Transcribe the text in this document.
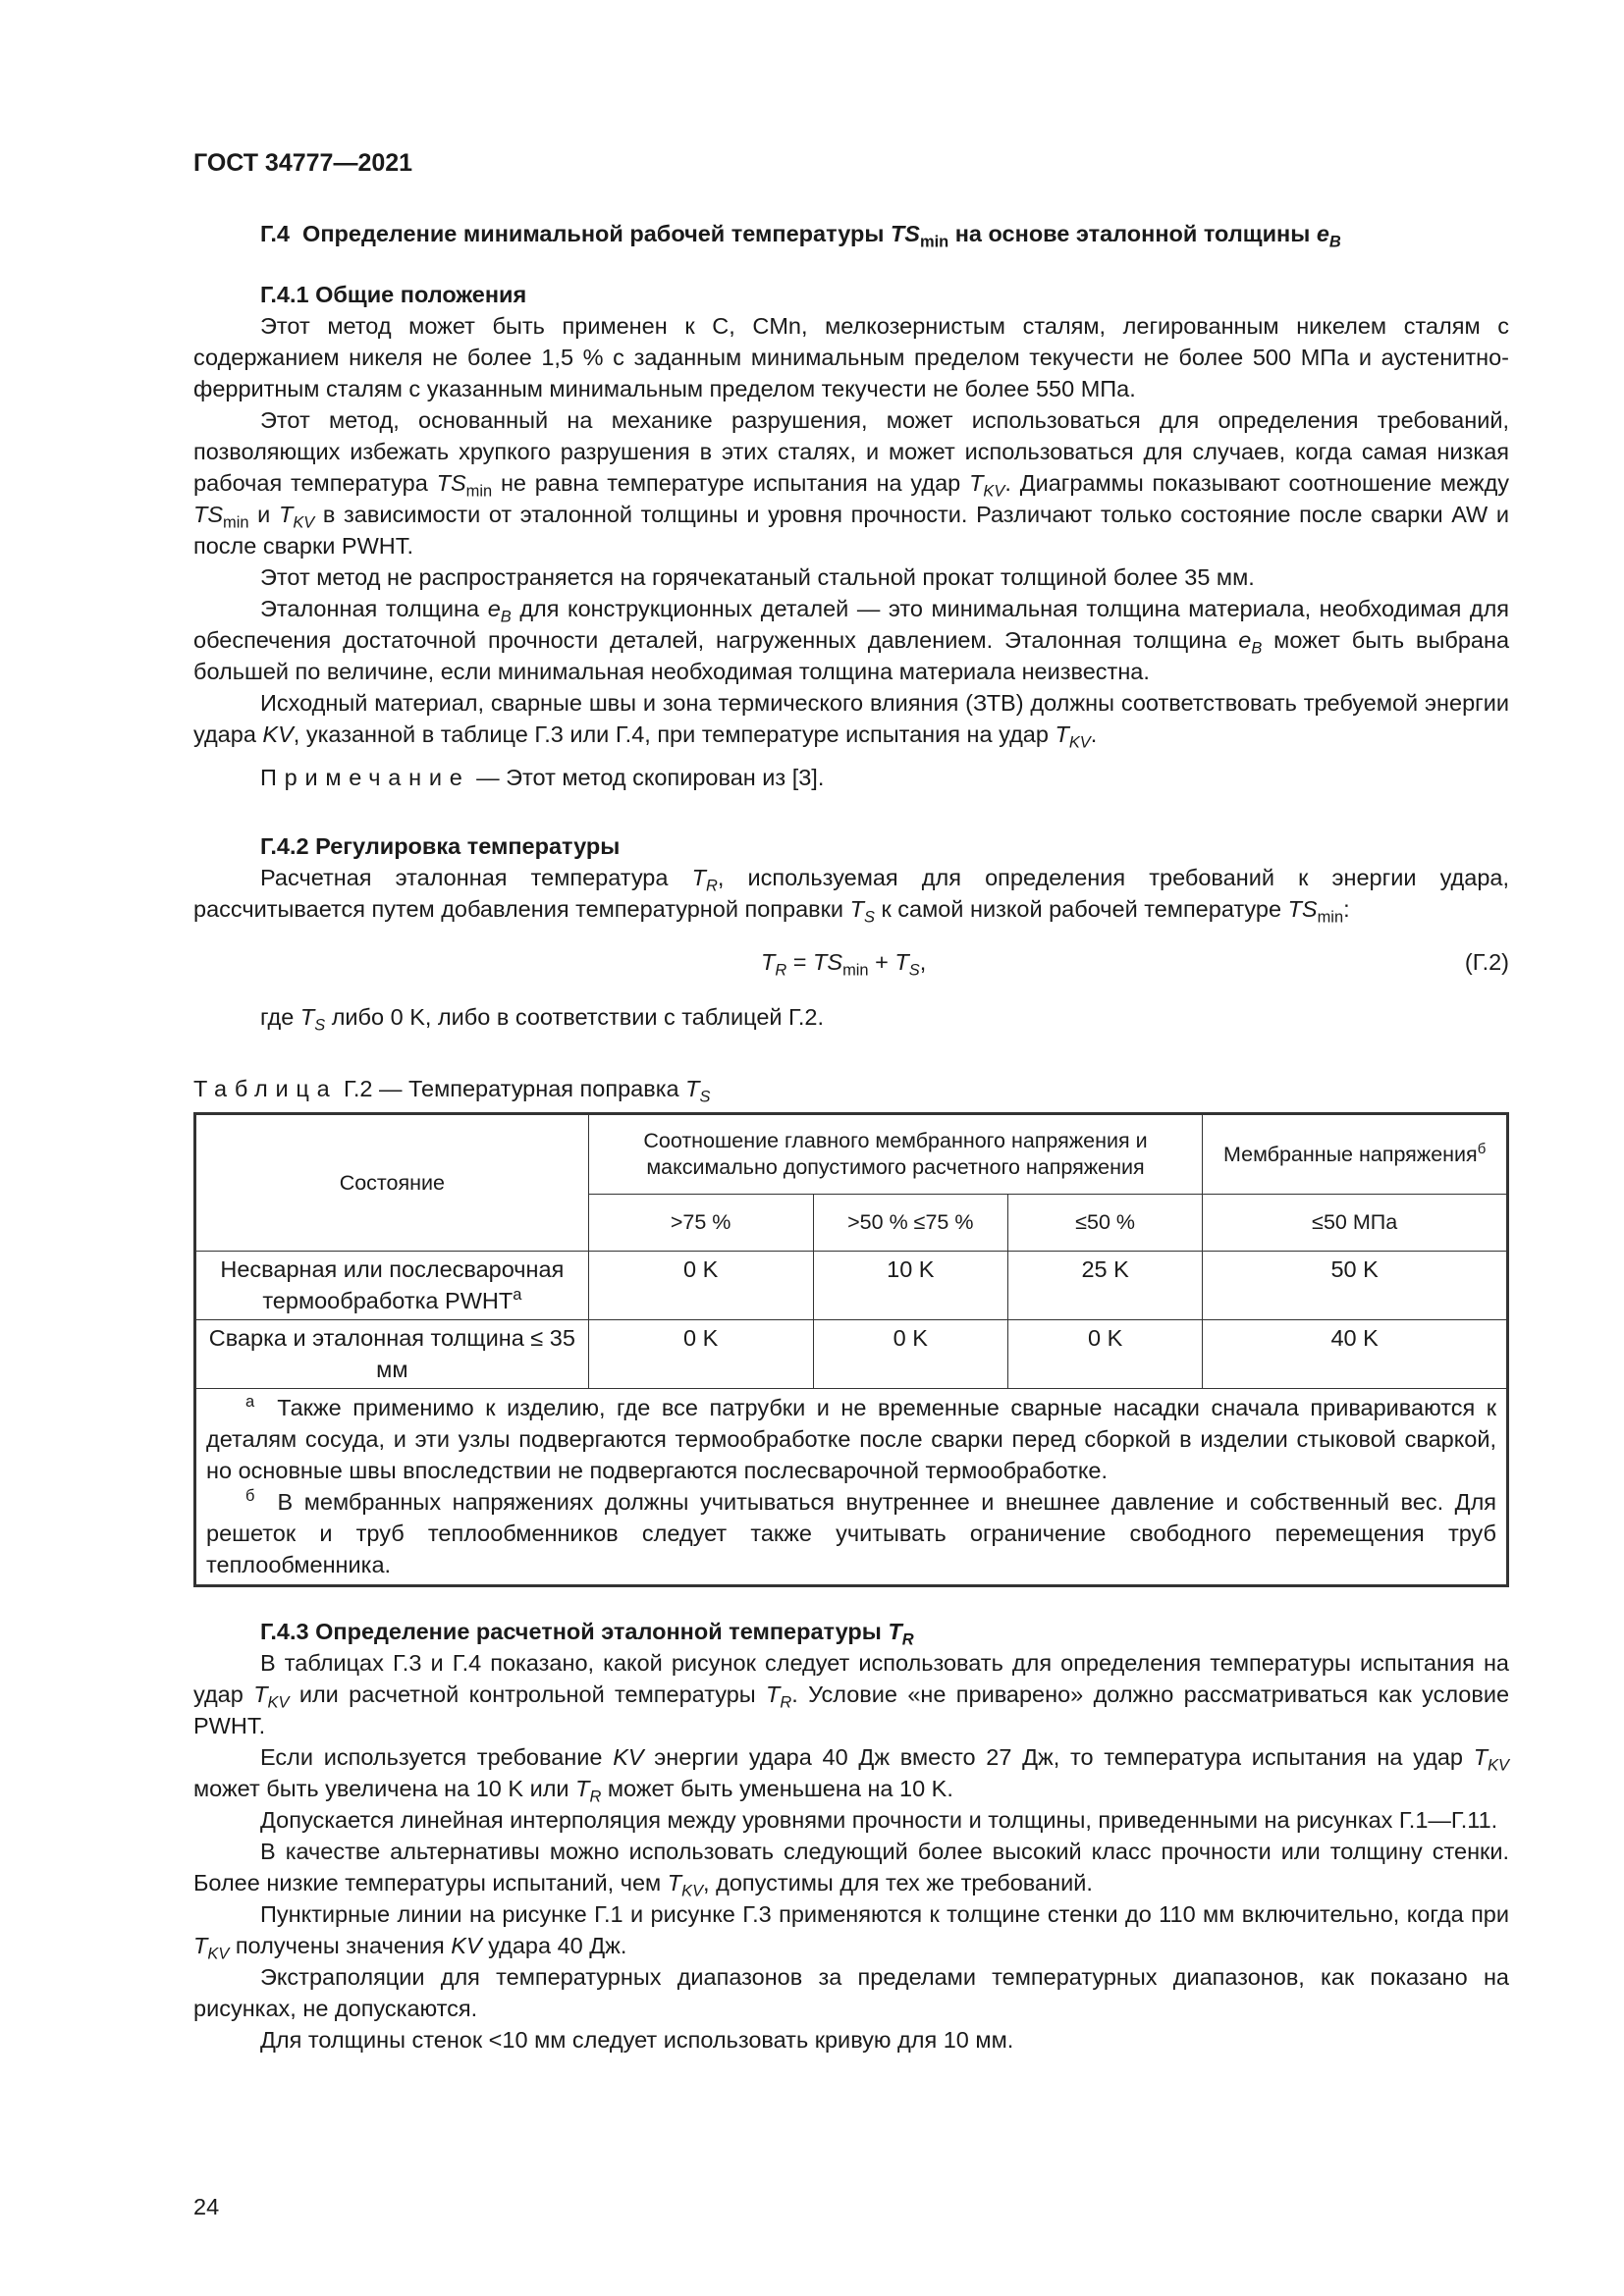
ГОСТ 34777—2021
Г.4 Определение минимальной рабочей температуры $TS_{min}$ на основе эталонной толщины $e_B$
Г.4.1 Общие положения

Этот метод может быть применен к C, CMn, мелкозернистым сталям, легированным никелем сталям с содержанием никеля не более 1,5 % с заданным минимальным пределом текучести не более 500 МПа и аустенитно-ферритным сталям с указанным минимальным пределом текучести не более 550 МПа.

Этот метод, основанный на механике разрушения, может использоваться для определения требований, позволяющих избежать хрупкого разрушения в этих сталях, и может использоваться для случаев, когда самая низкая рабочая температура $TS_{min}$ не равна температуре испытания на удар $T_{KV}$. Диаграммы показывают соотношение между $TS_{min}$ и $T_{KV}$ в зависимости от эталонной толщины и уровня прочности. Различают только состояние после сварки AW и после сварки PWHT.

Этот метод не распространяется на горячекатаный стальной прокат толщиной более 35 мм.

Эталонная толщина $e_B$ для конструкционных деталей — это минимальная толщина материала, необходимая для обеспечения достаточной прочности деталей, нагруженных давлением. Эталонная толщина $e_B$ может быть выбрана большей по величине, если минимальная необходимая толщина материала неизвестна.

Исходный материал, сварные швы и зона термического влияния (ЗТВ) должны соответствовать требуемой энергии удара KV, указанной в таблице Г.3 или Г.4, при температуре испытания на удар $T_{KV}$.

Примечание — Этот метод скопирован из [3].

Г.4.2 Регулировка температуры

Расчетная эталонная температура $T_R$, используемая для определения требований к энергии удара, рассчитывается путем добавления температурной поправки $T_S$ к самой низкой рабочей температуре $TS_{min}$:

$T_R = TS_{min} + T_S$,	(Г.2)

где $T_S$ либо 0 K, либо в соответствии с таблицей Г.2.

Таблица Г.2 — Температурная поправка $T_S$
Состояние	Соотношение главного мембранного напряжения и максимально допустимого расчетного напряжения			Мембранные напряжения$^б$
	>75 %	>50 % ≤75 %	≤50 %	≤50 МПа
Несварная или послесварочная термообработка $PWHT^а$	0 K	10 K	25 K	50 K
Сварка и эталонная толщина ≤ 35 мм	0 K	0 K	0 K	40 K

$^а$ Также применимо к изделию, где все патрубки и не временные сварные насадки сначала привариваются к деталям сосуда, и эти узлы подвергаются термообработке после сварки перед сборкой в изделии стыковой сваркой, но основные швы впоследствии не подвергаются послесварочной термообработке.

$^б$ В мембранных напряжениях должны учитываться внутреннее и внешнее давление и собственный вес. Для решеток и труб теплообменников следует также учитывать ограничение свободного перемещения труб теплообменника.				

Г.4.3 Определение расчетной эталонной температуры $T_R$

В таблицах Г.3 и Г.4 показано, какой рисунок следует использовать для определения температуры испытания на удар $T_{KV}$ или расчетной контрольной температуры $T_R$. Условие «не приварено» должно рассматриваться как условие PWHT.

Если используется требование KV энергии удара 40 Дж вместо 27 Дж, то температура испытания на удар $T_{KV}$ может быть увеличена на 10 K или $T_R$ может быть уменьшена на 10 K.

Допускается линейная интерполяция между уровнями прочности и толщины, приведенными на рисунках Г.1—Г.11.

В качестве альтернативы можно использовать следующий более высокий класс прочности или толщину стенки. Более низкие температуры испытаний, чем $T_{KV}$, допустимы для тех же требований.

Пунктирные линии на рисунке Г.1 и рисунке Г.3 применяются к толщине стенки до 110 мм включительно, когда при $T_{KV}$ получены значения KV удара 40 Дж.

Экстраполяции для температурных диапазонов за пределами температурных диапазонов, как показано на рисунках, не допускаются.

Для толщины стенок <10 мм следует использовать кривую для 10 мм.

24
